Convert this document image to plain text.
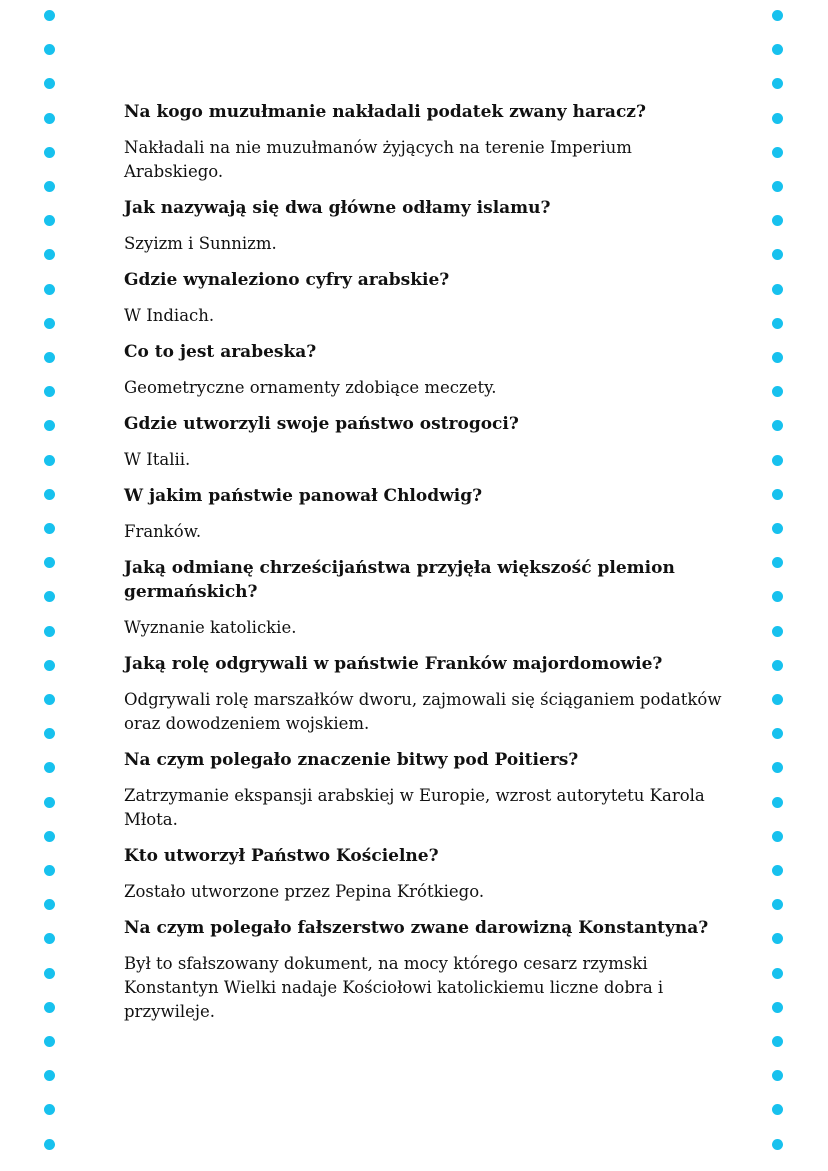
Na kogo muzułmanie nakładali podatek zwany haracz?

Nakładali na nie muzułmanów żyjących na terenie Imperium Arabskiego.

Jak nazywają się dwa główne odłamy islamu?

Szyizm i Sunnizm.

Gdzie wynaleziono cyfry arabskie?

W Indiach.

Co to jest arabeska?

Geometryczne ornamenty zdobiące meczety.

Gdzie utworzyli swoje państwo ostrogoci?

W Italii.

W jakim państwie panował Chlodwig?

Franków.

Jaką odmianę chrześcijaństwa przyjęła większość plemion germańskich?

Wyznanie katolickie.

Jaką rolę odgrywali w państwie Franków majordomowie?

Odgrywali rolę marszałków dworu, zajmowali się ściąganiem podatków oraz dowodzeniem wojskiem.

Na czym polegało znaczenie bitwy pod Poitiers?

Zatrzymanie ekspansji arabskiej w Europie, wzrost autorytetu Karola Młota.

Kto utworzył Państwo Kościelne?

Zostało utworzone przez Pepina Krótkiego.

Na czym polegało fałszerstwo zwane darowizną Konstantyna?

Był to sfałszowany dokument, na mocy którego cesarz rzymski Konstantyn Wielki nadaje Kościołowi katolickiemu liczne dobra i przywileje.
